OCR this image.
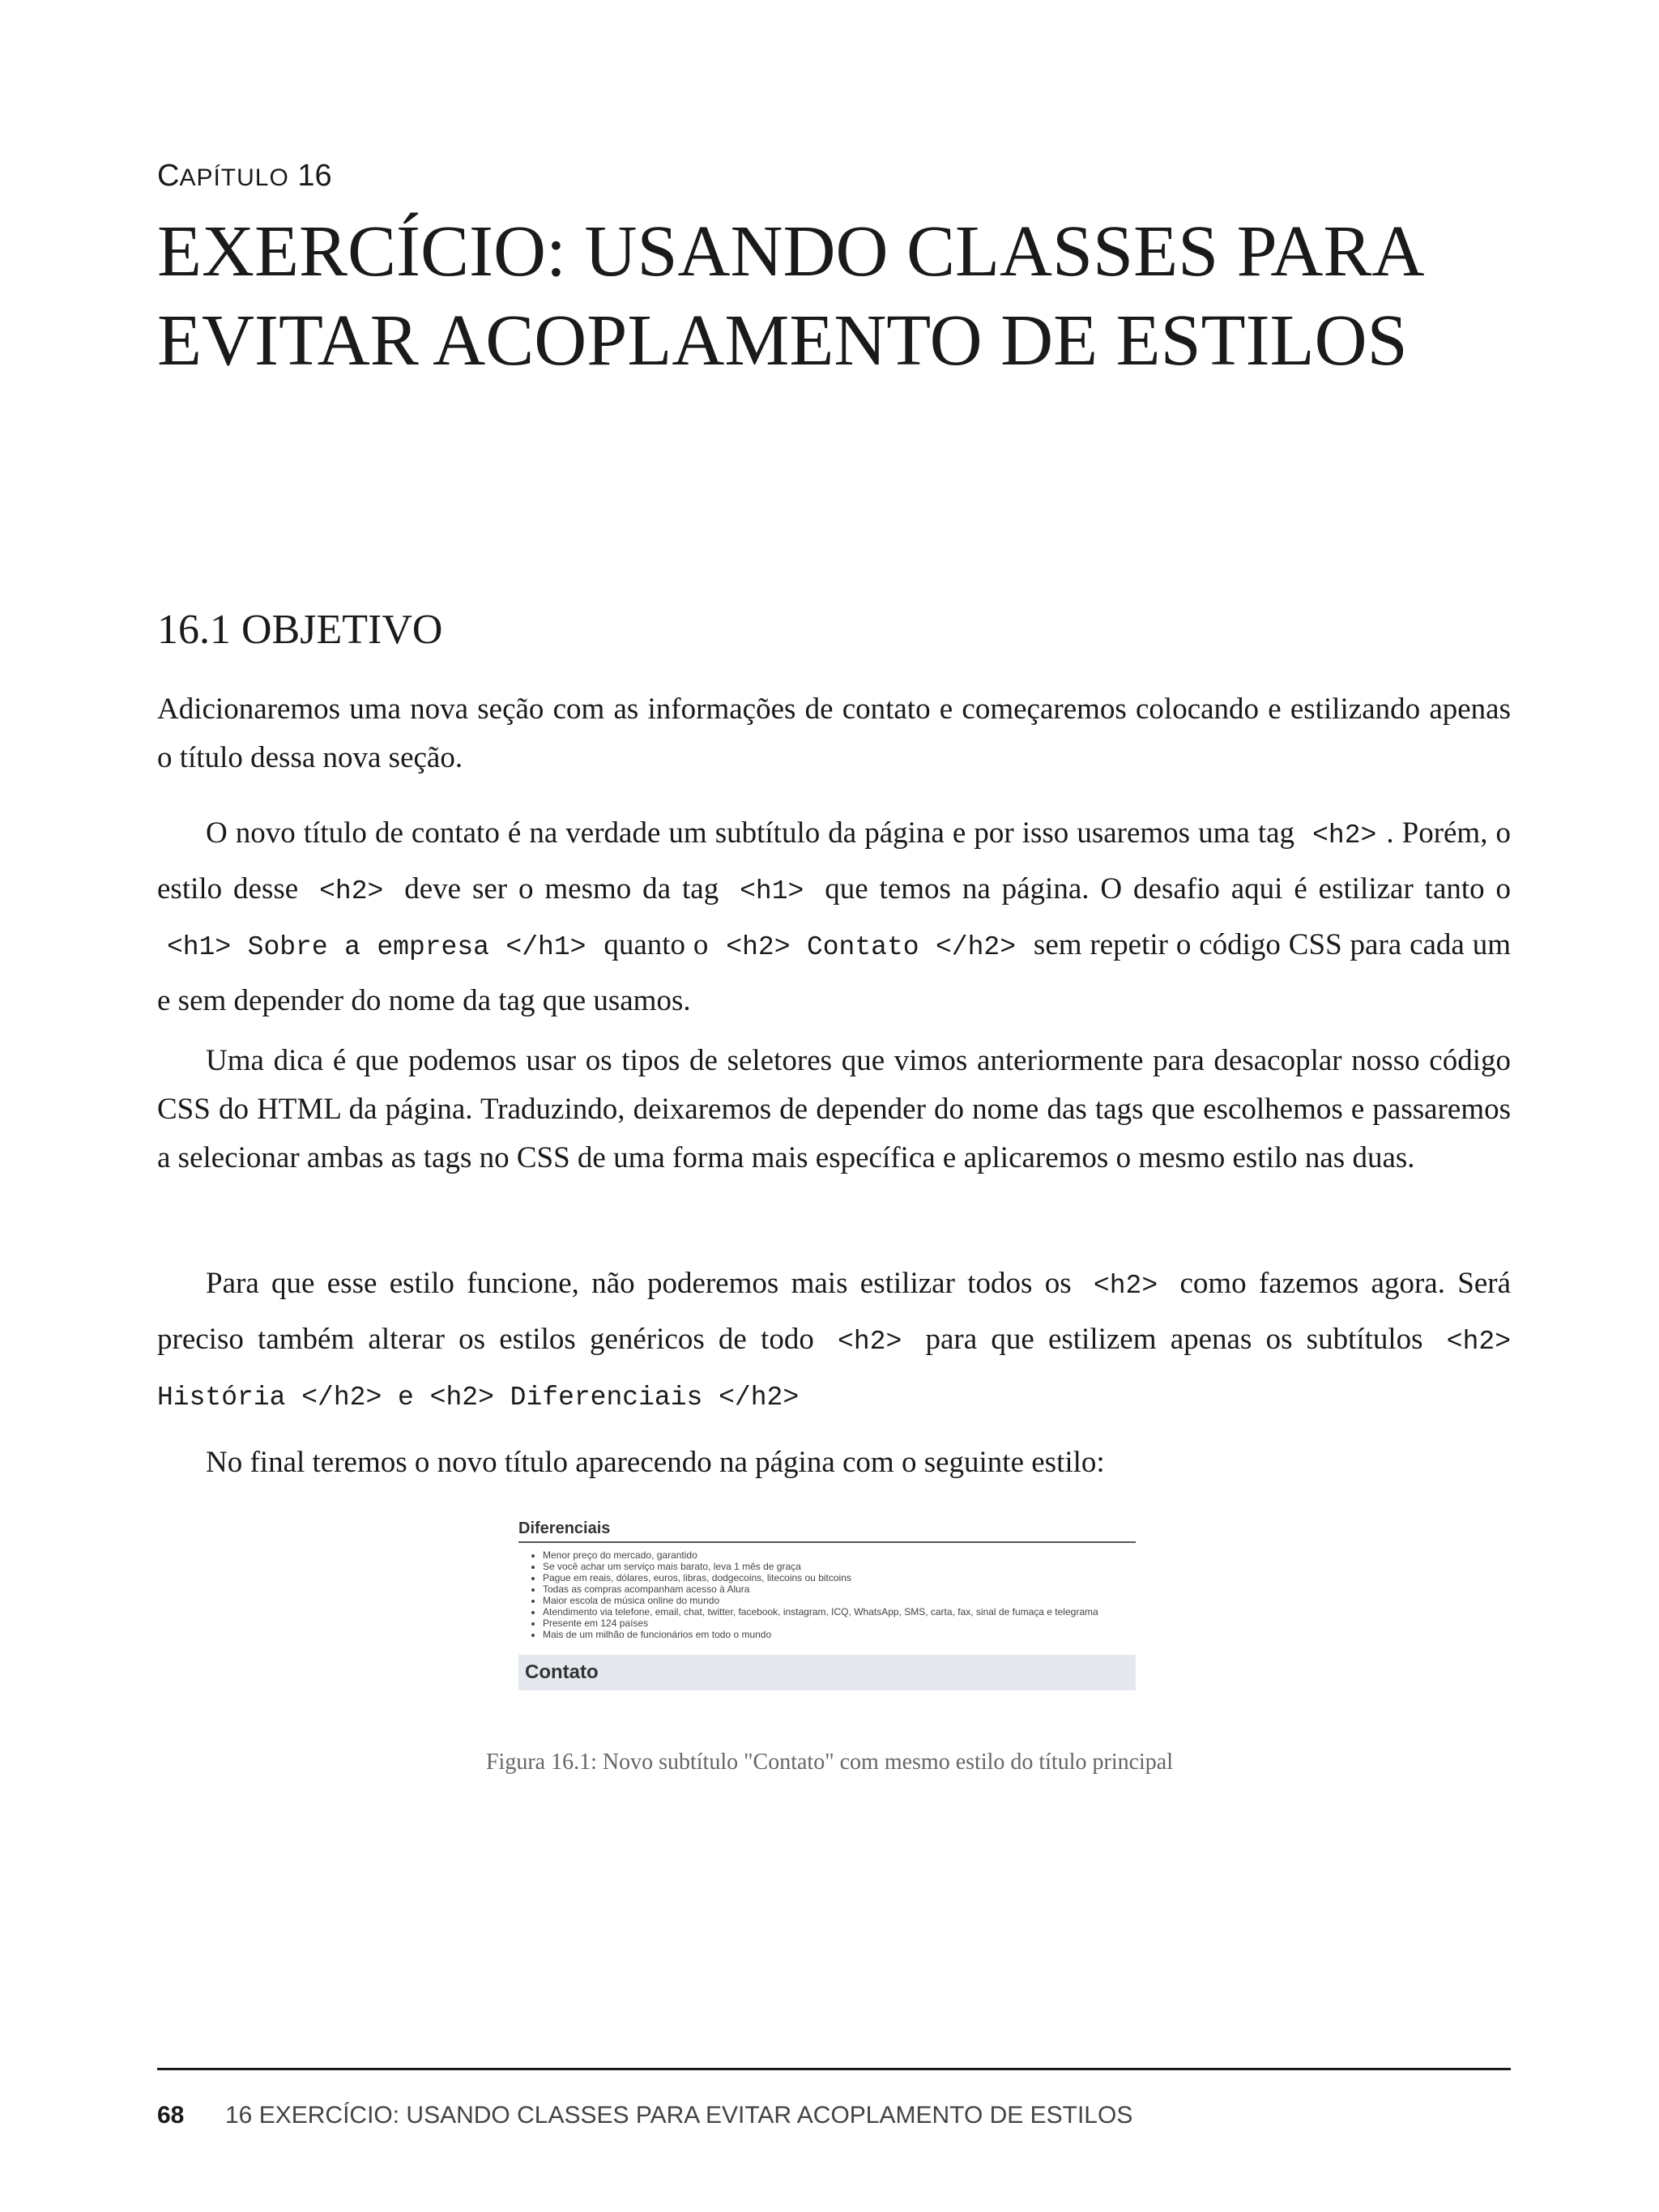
CAPÍTULO 16
EXERCÍCIO: USANDO CLASSES PARA EVITAR ACOPLAMENTO DE ESTILOS
16.1 OBJETIVO

Adicionaremos uma nova seção com as informações de contato e começaremos colocando e estilizando apenas o título dessa nova seção.

O novo título de contato é na verdade um subtítulo da página e por isso usaremos uma tag <h2> . Porém, o estilo desse <h2> deve ser o mesmo da tag <h1> que temos na página. O desafio aqui é estilizar tanto o <h1> Sobre a empresa </h1> quanto o <h2> Contato </h2> sem repetir o código CSS para cada um e sem depender do nome da tag que usamos.

Uma dica é que podemos usar os tipos de seletores que vimos anteriormente para desacoplar nosso código CSS do HTML da página. Traduzindo, deixaremos de depender do nome das tags que escolhemos e passaremos a selecionar ambas as tags no CSS de uma forma mais específica e aplicaremos o mesmo estilo nas duas.

Para que esse estilo funcione, não poderemos mais estilizar todos os <h2> como fazemos agora. Será preciso também alterar os estilos genéricos de todo <h2> para que estilizem apenas os subtítulos <h2> História </h2> e <h2> Diferenciais </h2>

No final teremos o novo título aparecendo na página com o seguinte estilo:

Diferenciais
• Menor preço do mercado, garantido
• Se você achar um serviço mais barato, leva 1 mês de graça
• Pague em reais, dólares, euros, libras, dodgecoins, litecoins ou bitcoins
• Todas as compras acompanham acesso à Alura
• Maior escola de música online do mundo
• Atendimento via telefone, email, chat, twitter, facebook, instagram, ICQ, WhatsApp, SMS, carta, fax, sinal de fumaça e telegrama
• Presente em 124 países
• Mais de um milhão de funcionários em todo o mundo
Contato
Figura 16.1: Novo subtítulo "Contato" com mesmo estilo do título principal
68 16 EXERCÍCIO: USANDO CLASSES PARA EVITAR ACOPLAMENTO DE ESTILOS
